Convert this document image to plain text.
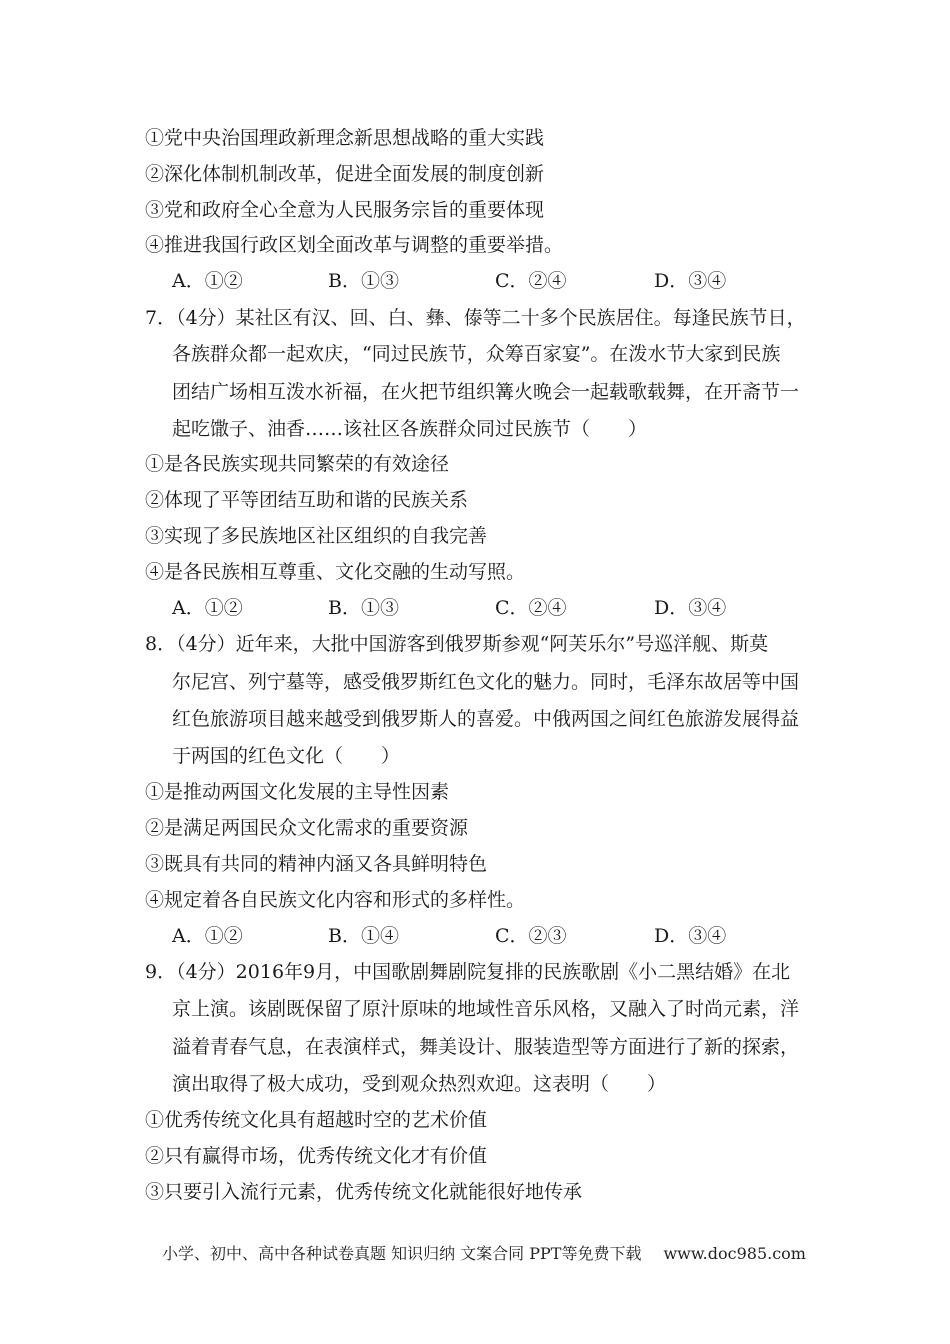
①党中央治国理政新理念新思想战略的重大实践
②深化体制机制改革，促进全面发展的制度创新
③党和政府全心全意为人民服务宗旨的重要体现
④推进我国行政区划全面改革与调整的重要举措。
A．①②	B．①③	C．②④	D．③④
7．（4分）某社区有汉、回、白、彝、傣等二十多个民族居住。每逢民族节日，
各族群众都一起欢庆，“同过民族节，众筹百家宴”。在泼水节大家到民族
团结广场相互泼水祈福，在火把节组织篝火晚会一起载歌载舞，在开斋节一
起吃馓子、油香……该社区各族群众同过民族节（　　）
①是各民族实现共同繁荣的有效途径
②体现了平等团结互助和谐的民族关系
③实现了多民族地区社区组织的自我完善
④是各民族相互尊重、文化交融的生动写照。
A．①②	B．①③	C．②④	D．③④
8．（4分）近年来，大批中国游客到俄罗斯参观“阿芙乐尔”号巡洋舰、斯莫
尔尼宫、列宁墓等，感受俄罗斯红色文化的魅力。同时，毛泽东故居等中国
红色旅游项目越来越受到俄罗斯人的喜爱。中俄两国之间红色旅游发展得益
于两国的红色文化（　　）
①是推动两国文化发展的主导性因素
②是满足两国民众文化需求的重要资源
③既具有共同的精神内涵又各具鲜明特色
④规定着各自民族文化内容和形式的多样性。
A．①②	B．①④	C．②③	D．③④
9．（4分）2016年9月，中国歌剧舞剧院复排的民族歌剧《小二黑结婚》在北
京上演。该剧既保留了原汁原味的地域性音乐风格，又融入了时尚元素，洋
溢着青春气息，在表演样式，舞美设计、服装造型等方面进行了新的探索，
演出取得了极大成功，受到观众热烈欢迎。这表明（　　）
①优秀传统文化具有超越时空的艺术价值
②只有赢得市场，优秀传统文化才有价值
③只要引入流行元素，优秀传统文化就能很好地传承
小学、初中、高中各种试卷真题 知识归纳 文案合同 PPT等免费下载 www.doc985.com
